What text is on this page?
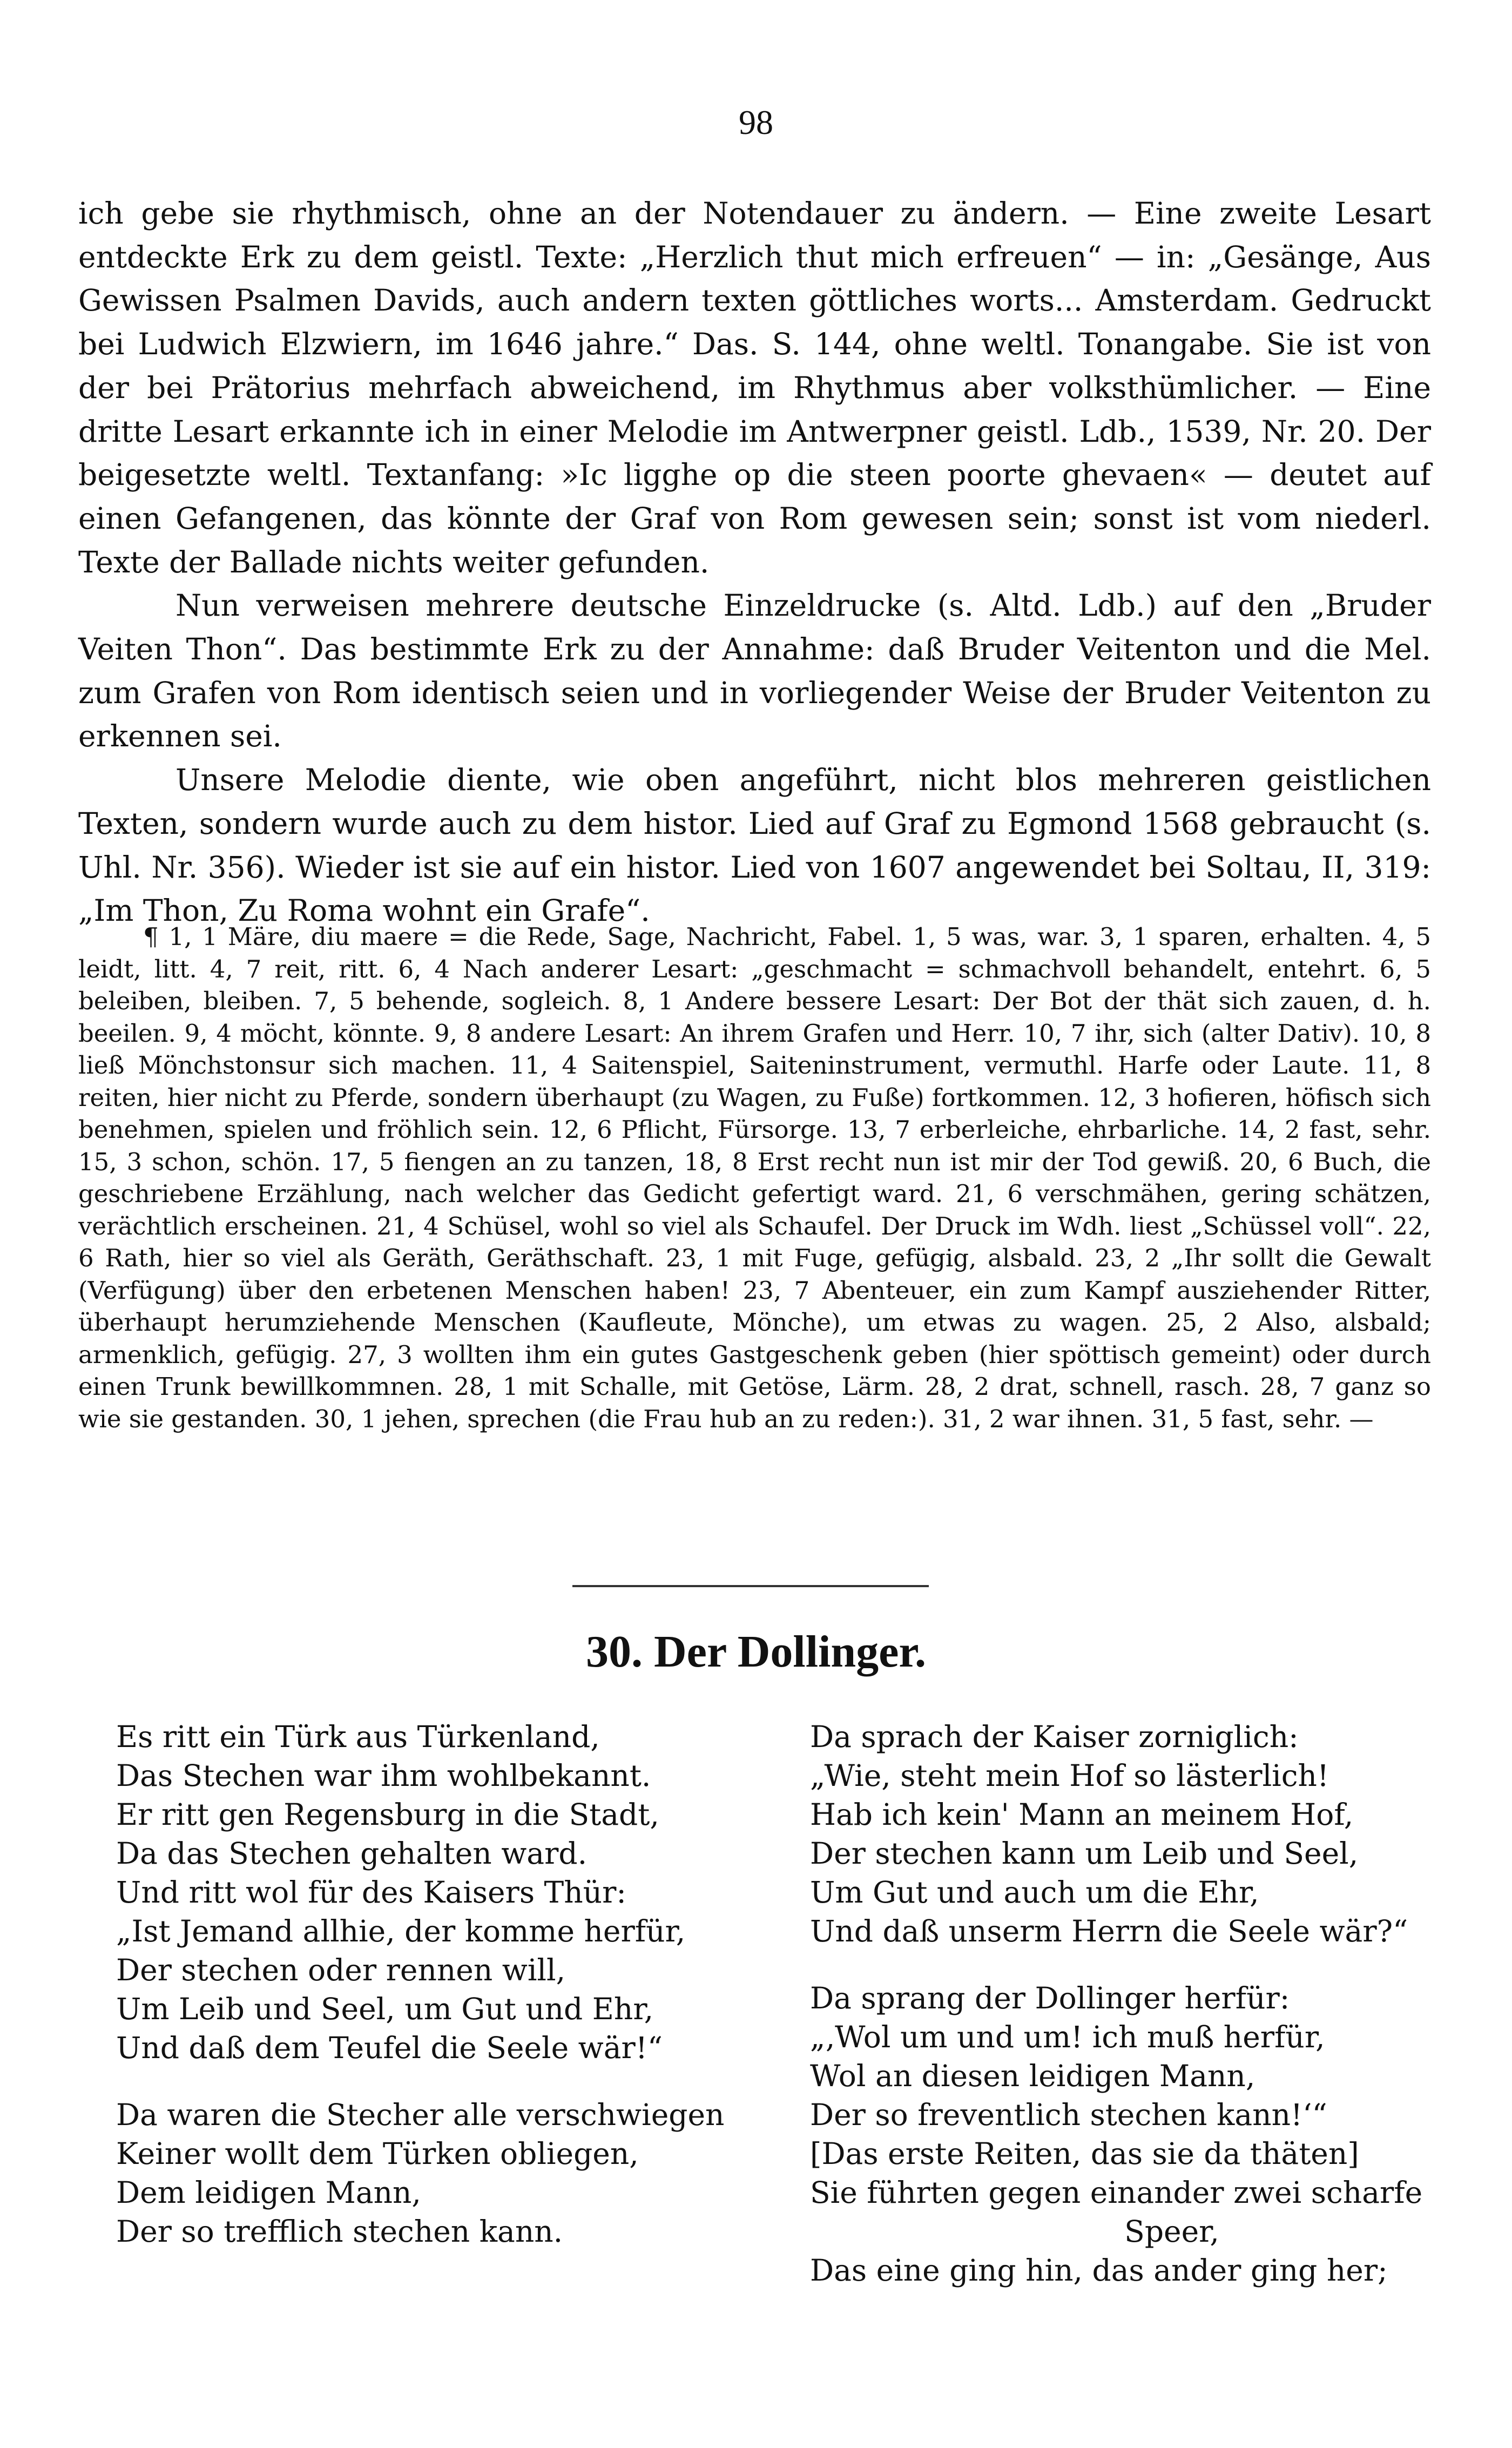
98

ich gebe sie rhythmisch, ohne an der Notendauer zu ändern. — Eine zweite Lesart entdeckte Erk zu dem geistl. Texte: „Herzlich thut mich erfreuen“ — in: „Gesänge, Aus Gewissen Psalmen Davids, auch andern texten göttliches worts... Amsterdam. Gedruckt bei Ludwich Elzwiern, im 1646 jahre.“ Das. S. 144, ohne weltl. Tonangabe. Sie ist von der bei Prätorius mehrfach abweichend, im Rhythmus aber volksthümlicher. — Eine dritte Lesart erkannte ich in einer Melodie im Antwerpner geistl. Ldb., 1539, Nr. 20. Der beigesetzte weltl. Textanfang: »Ic ligghe op die steen poorte ghevaen« — deutet auf einen Gefangenen, das könnte der Graf von Rom gewesen sein; sonst ist vom niederl. Texte der Ballade nichts weiter gefunden.

Nun verweisen mehrere deutsche Einzeldrucke (s. Altd. Ldb.) auf den „Bruder Veiten Thon“. Das bestimmte Erk zu der Annahme: daß Bruder Veitenton und die Mel. zum Grafen von Rom identisch seien und in vorliegender Weise der Bruder Veitenton zu erkennen sei.

Unsere Melodie diente, wie oben angeführt, nicht blos mehreren geistlichen Texten, sondern wurde auch zu dem histor. Lied auf Graf zu Egmond 1568 gebraucht (s. Uhl. Nr. 356). Wieder ist sie auf ein histor. Lied von 1607 angewendet bei Soltau, II, 319: „Im Thon, Zu Roma wohnt ein Grafe“.

¶ 1, 1 Märe, diu maere = die Rede, Sage, Nachricht, Fabel. 1, 5 was, war. 3, 1 sparen, erhalten. 4, 5 leidt, litt. 4, 7 reit, ritt. 6, 4 Nach anderer Lesart: „geschmacht = schmachvoll behandelt, entehrt. 6, 5 beleiben, bleiben. 7, 5 behende, sogleich. 8, 1 Andere bessere Lesart: Der Bot der thät sich zauen, d. h. beeilen. 9, 4 möcht, könnte. 9, 8 andere Lesart: An ihrem Grafen und Herr. 10, 7 ihr, sich (alter Dativ). 10, 8 ließ Mönchstonsur sich machen. 11, 4 Saitenspiel, Saiteninstrument, vermuthl. Harfe oder Laute. 11, 8 reiten, hier nicht zu Pferde, sondern überhaupt (zu Wagen, zu Fuße) fortkommen. 12, 3 hofieren, höfisch sich benehmen, spielen und fröhlich sein. 12, 6 Pflicht, Fürsorge. 13, 7 erberleiche, ehrbarliche. 14, 2 fast, sehr. 15, 3 schon, schön. 17, 5 fiengen an zu tanzen, 18, 8 Erst recht nun ist mir der Tod gewiß. 20, 6 Buch, die geschriebene Erzählung, nach welcher das Gedicht gefertigt ward. 21, 6 verschmähen, gering schätzen, verächtlich erscheinen. 21, 4 Schüsel, wohl so viel als Schaufel. Der Druck im Wdh. liest „Schüssel voll“. 22, 6 Rath, hier so viel als Geräth, Geräthschaft. 23, 1 mit Fuge, gefügig, alsbald. 23, 2 „Ihr sollt die Gewalt (Verfügung) über den erbetenen Menschen haben! 23, 7 Abenteuer, ein zum Kampf ausziehender Ritter, überhaupt herumziehende Menschen (Kaufleute, Mönche), um etwas zu wagen. 25, 2 Also, alsbald; armenklich, gefügig. 27, 3 wollten ihm ein gutes Gastgeschenk geben (hier spöttisch gemeint) oder durch einen Trunk bewillkommnen. 28, 1 mit Schalle, mit Getöse, Lärm. 28, 2 drat, schnell, rasch. 28, 7 ganz so wie sie gestanden. 30, 1 jehen, sprechen (die Frau hub an zu reden:). 31, 2 war ihnen. 31, 5 fast, sehr. —

30. Der Dollinger.
Es ritt ein Türk aus Türkenland,
Das Stechen war ihm wohlbekannt.
Er ritt gen Regensburg in die Stadt,
Da das Stechen gehalten ward.
Und ritt wol für des Kaisers Thür:
„Ist Jemand allhie, der komme herfür,
Der stechen oder rennen will,
Um Leib und Seel, um Gut und Ehr,
Und daß dem Teufel die Seele wär!“
Da waren die Stecher alle verschwiegen
Keiner wollt dem Türken obliegen,
Dem leidigen Mann,
Der so trefflich stechen kann.
Da sprach der Kaiser zorniglich:
„Wie, steht mein Hof so lästerlich!
Hab ich kein' Mann an meinem Hof,
Der stechen kann um Leib und Seel,
Um Gut und auch um die Ehr,
Und daß unserm Herrn die Seele wär?“
Da sprang der Dollinger herfür:
„‚Wol um und um! ich muß herfür,
Wol an diesen leidigen Mann,
Der so freventlich stechen kann!‘“
[Das erste Reiten, das sie da thäten]
Sie führten gegen einander zwei scharfe
Speer,
Das eine ging hin, das ander ging her;
